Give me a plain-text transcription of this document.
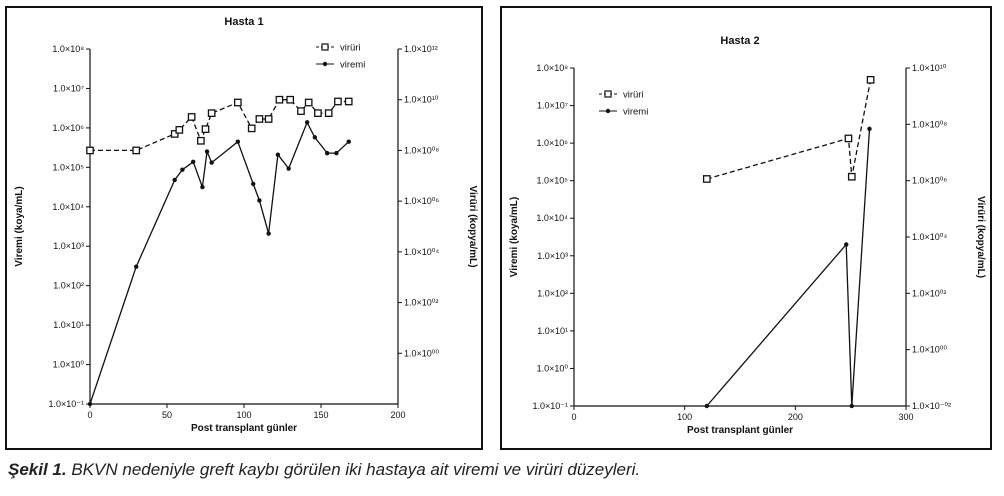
Hasta 1
0	50	100	150	200
1.0×10⁻¹
1.0×10⁰
1.0×10¹
1.0×10²
1.0×10³
1.0×10⁴
1.0×10⁵
1.0×10⁶
1.0×10⁷
1.0×10⁸
1.0×10⁰⁰
1.0×10⁰²
1.0×10⁰⁴
1.0×10⁰⁶
1.0×10⁰⁸
1.0×10¹⁰
1.0×10¹²
Post transplant günler
Viremi (koya/mL)	Virüri (kopya/mL)
virüri
viremi
Hasta 2
0	100	200	300
1.0×10⁻¹
1.0×10⁰
1.0×10¹
1.0×10²
1.0×10³
1.0×10⁴
1.0×10⁵
1.0×10⁶
1.0×10⁷
1.0×10⁸
1.0×10⁻⁰²
1.0×10⁰⁰
1.0×10⁰²
1.0×10⁰⁴
1.0×10⁰⁶
1.0×10⁰⁸
1.0×10¹⁰
Post transplant günler
Viremi (koya/mL)	Virüri (kopya/mL)
virüri
viremi
Şekil 1. BKVN nedeniyle greft kaybı görülen iki hastaya ait viremi ve virüri düzeyleri.
